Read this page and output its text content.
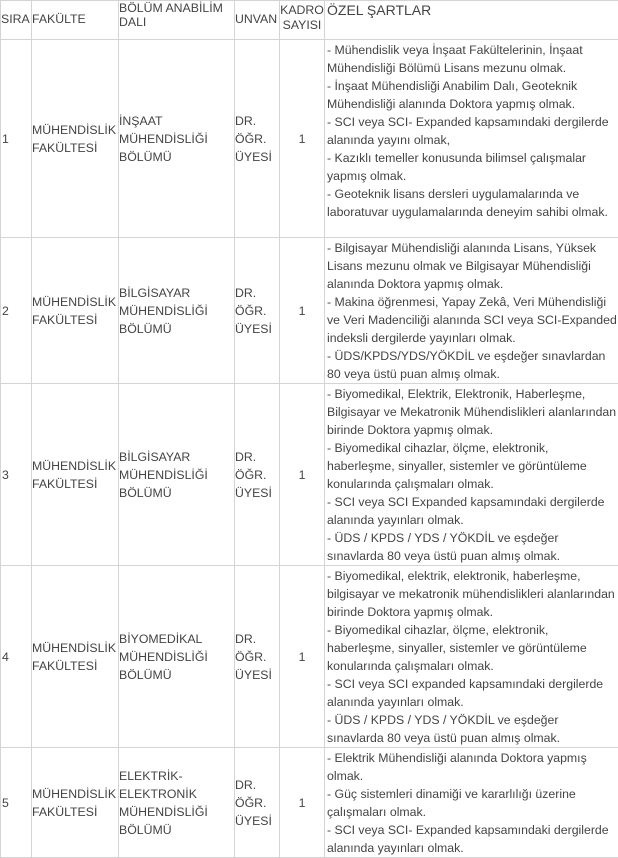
SIRA	FAKÜLTE	BÖLÜM ANABİLİM DALI	UNVAN	KADRO SAYISI	ÖZEL ŞARTLAR
1	MÜHENDİSLİK FAKÜLTESİ	İNŞAAT MÜHENDİSLİĞİ BÖLÜMÜ	DR. ÖĞR. ÜYESİ	1	- Mühendislik veya İnşaat Fakültelerinin, İnşaat Mühendisliği Bölümü Lisans mezunu olmak.
- İnşaat Mühendisliği Anabilim Dalı, Geoteknik Mühendisliği alanında Doktora yapmış olmak.
- SCI veya SCI- Expanded kapsamındaki dergilerde alanında yayını olmak,
- Kazıklı temeller konusunda bilimsel çalışmalar yapmış olmak.
- Geoteknik lisans dersleri uygulamalarında ve laboratuvar uygulamalarında deneyim sahibi olmak.

2	MÜHENDİSLİK FAKÜLTESİ	BİLGİSAYAR MÜHENDİSLİĞİ BÖLÜMÜ	DR. ÖĞR. ÜYESİ	1	- Bilgisayar Mühendisliği alanında Lisans, Yüksek Lisans mezunu olmak ve Bilgisayar Mühendisliği alanında Doktora yapmış olmak.
- Makina öğrenmesi, Yapay Zekâ, Veri Mühendisliği ve Veri Madenciliği alanında SCI veya SCI-Expanded indeksli dergilerde yayınları olmak.
- ÜDS/KPDS/YDS/YÖKDİL ve eşdeğer sınavlardan 80 veya üstü puan almış olmak.

3	MÜHENDİSLİK FAKÜLTESİ	BİLGİSAYAR MÜHENDİSLİĞİ BÖLÜMÜ	DR. ÖĞR. ÜYESİ	1	- Biyomedikal, Elektrik, Elektronik, Haberleşme, Bilgisayar ve Mekatronik Mühendislikleri alanlarından birinde Doktora yapmış olmak.
- Biyomedikal cihazlar, ölçme, elektronik, haberleşme, sinyaller, sistemler ve görüntüleme konularında çalışmaları olmak.
- SCI veya SCI Expanded kapsamındaki dergilerde alanında yayınları olmak.
- ÜDS / KPDS / YDS / YÖKDİL ve eşdeğer sınavlarda 80 veya üstü puan almış olmak.

4	MÜHENDİSLİK FAKÜLTESİ	BİYOMEDİKAL MÜHENDİSLİĞİ BÖLÜMÜ	DR. ÖĞR. ÜYESİ	1	- Biyomedikal, elektrik, elektronik, haberleşme, bilgisayar ve mekatronik mühendislikleri alanlarından birinde Doktora yapmış olmak.
- Biyomedikal cihazlar, ölçme, elektronik, haberleşme, sinyaller, sistemler ve görüntüleme konularında çalışmaları olmak.
- SCI veya SCI expanded kapsamındaki dergilerde alanında yayınları olmak.
- ÜDS / KPDS / YDS / YÖKDİL ve eşdeğer sınavlarda 80 veya üstü puan almış olmak.

5	MÜHENDİSLİK FAKÜLTESİ	ELEKTRİK-ELEKTRONİK MÜHENDİSLİĞİ BÖLÜMÜ	DR. ÖĞR. ÜYESİ	1	- Elektrik Mühendisliği alanında Doktora yapmış olmak.
- Güç sistemleri dinamiği ve kararlılığı üzerine çalışmaları olmak.
- SCI veya SCI- Expanded kapsamındaki dergilerde alanında yayınları olmak.
